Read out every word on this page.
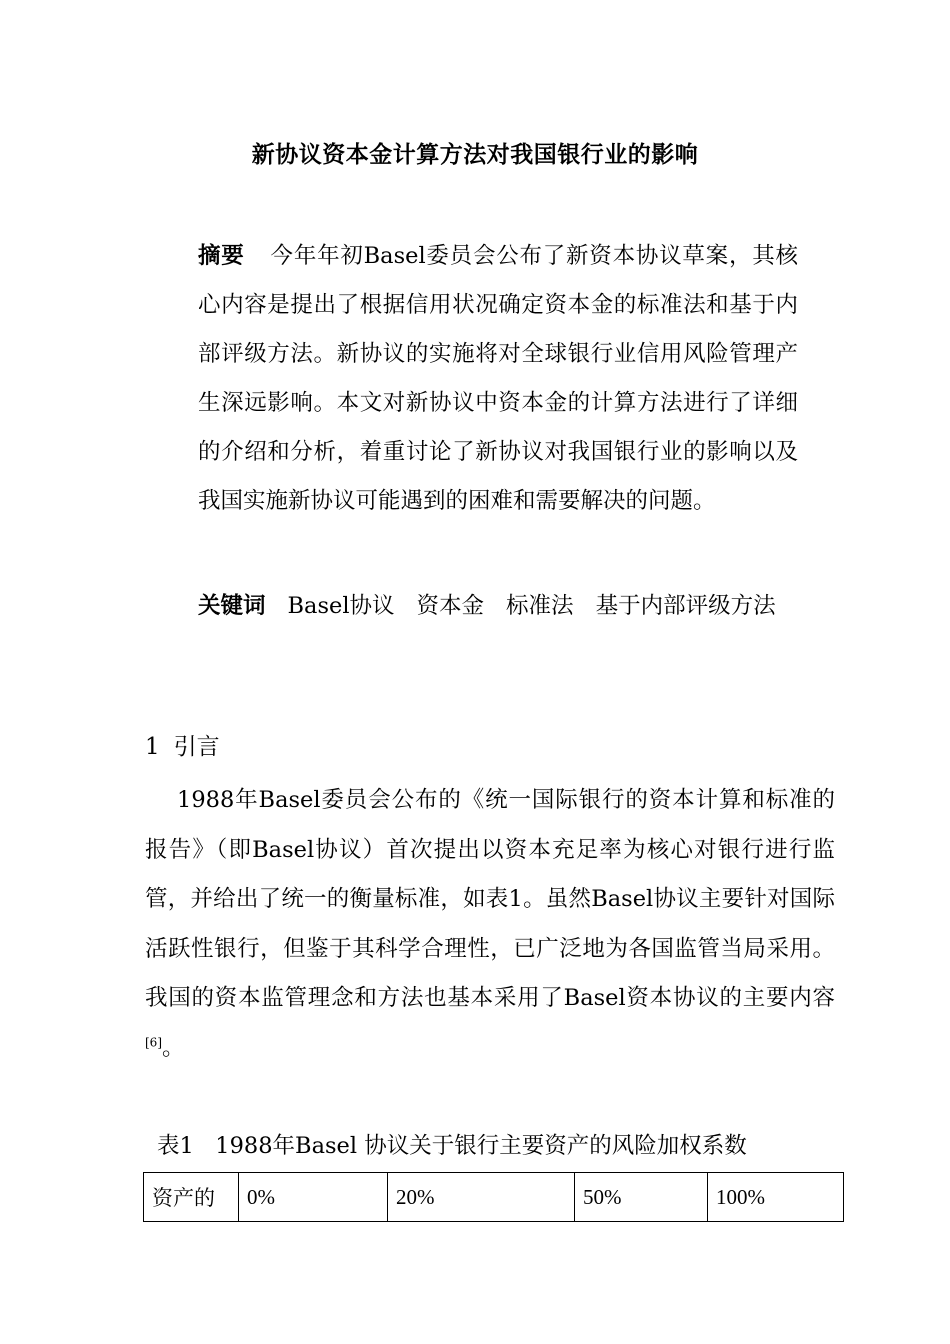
新协议资本金计算方法对我国银行业的影响
摘要 今年年初Basel委员会公布了新资本协议草案，其核心内容是提出了根据信用状况确定资本金的标准法和基于内部评级方法。新协议的实施将对全球银行业信用风险管理产生深远影响。本文对新协议中资本金的计算方法进行了详细的介绍和分析，着重讨论了新协议对我国银行业的影响以及我国实施新协议可能遇到的困难和需要解决的问题。
关键词 Basel协议 资本金 标准法 基于内部评级方法
1 引言

1988年Basel委员会公布的《统一国际银行的资本计算和标准的报告》（即Basel协议）首次提出以资本充足率为核心对银行进行监管，并给出了统一的衡量标准，如表1。虽然Basel协议主要针对国际活跃性银行，但鉴于其科学合理性，已广泛地为各国监管当局采用。我国的资本监管理念和方法也基本采用了Basel资本协议的主要内容[6]。

表1   1988年Basel 协议关于银行主要资产的风险加权系数
资产的	0%	20%	50%	100%
